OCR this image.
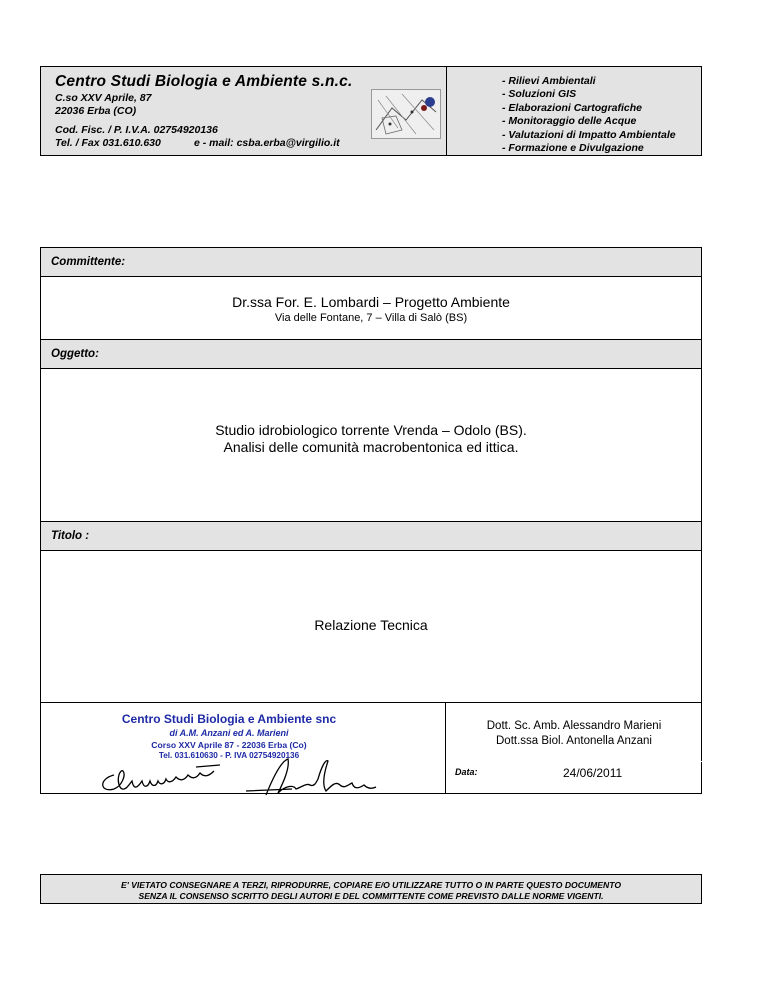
Centro Studi Biologia e Ambiente s.n.c.
C.so XXV Aprile, 87
22036 Erba (CO)
Cod. Fisc. / P. I.V.A. 02754920136
Tel. / Fax 031.610.630	e - mail: csba.erba@virgilio.it
- Rilievi Ambientali
- Soluzioni GIS
- Elaborazioni Cartografiche
- Monitoraggio delle Acque
- Valutazioni di Impatto Ambientale
- Formazione e Divulgazione
Committente:
Dr.ssa For. E. Lombardi – Progetto Ambiente
Via delle Fontane, 7 – Villa di Salò (BS)
Oggetto:
Studio idrobiologico torrente Vrenda – Odolo (BS).
Analisi delle comunità macrobentonica ed ittica.
Titolo :
Relazione Tecnica
Centro Studi Biologia e Ambiente snc
di A.M. Anzani ed A. Marieni
Corso XXV Aprile 87 - 22036 Erba (Co)
Tel. 031.610630 - P. IVA 02754920136
Dott. Sc. Amb. Alessandro Marieni
Dott.ssa Biol. Antonella Anzani
Data:	24/06/2011
E' VIETATO CONSEGNARE A TERZI, RIPRODURRE, COPIARE E/O UTILIZZARE TUTTO O IN PARTE QUESTO DOCUMENTO
SENZA IL CONSENSO SCRITTO DEGLI AUTORI E DEL COMMITTENTE COME PREVISTO DALLE NORME VIGENTI.
